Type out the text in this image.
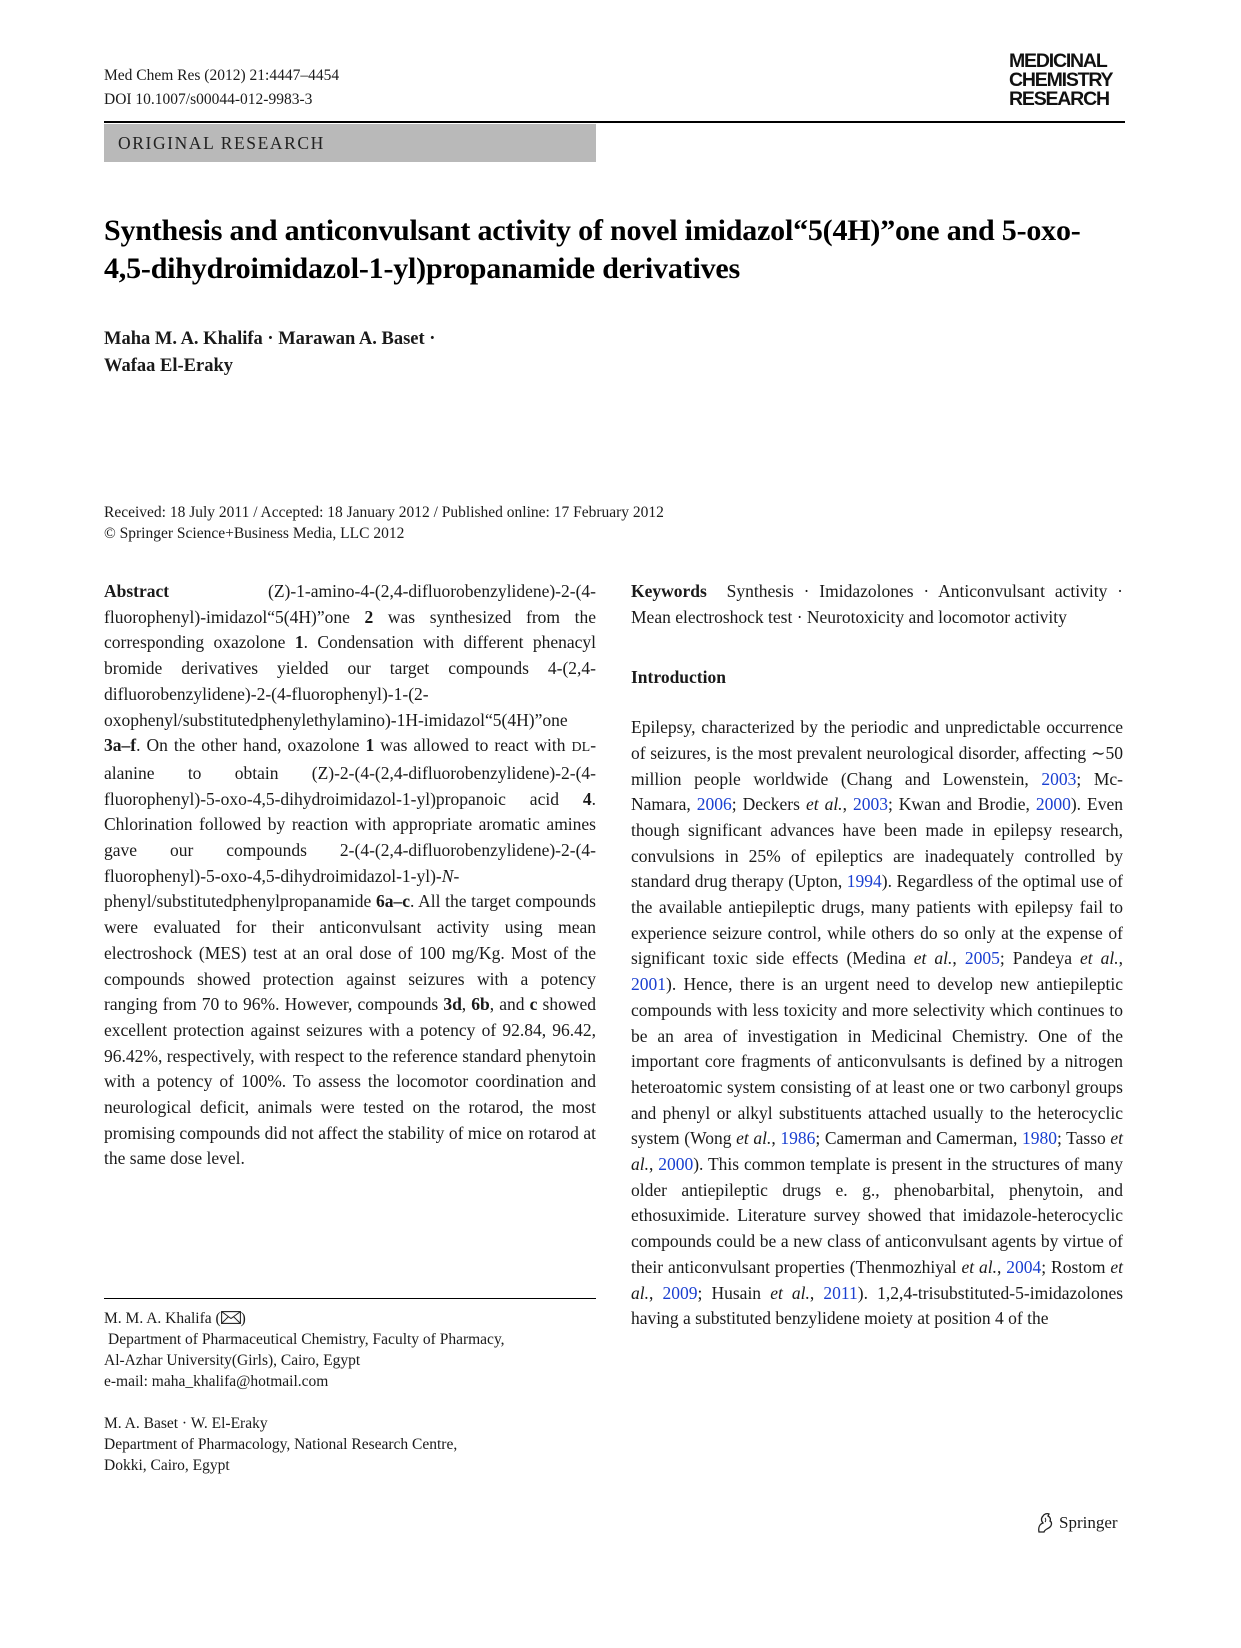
Med Chem Res (2012) 21:4447–4454
DOI 10.1007/s00044-012-9983-3
MEDICINAL
CHEMISTRY
RESEARCH
ORIGINAL RESEARCH
Synthesis and anticonvulsant activity of novel imidazol“5(4H)”one and 5-oxo-4,5-dihydroimidazol-1-yl)propanamide derivatives
Maha M. A. Khalifa · Marawan A. Baset ·
Wafaa El-Eraky
Received: 18 July 2011 / Accepted: 18 January 2012 / Published online: 17 February 2012
© Springer Science+Business Media, LLC 2012

Abstract	(Z)-1-amino-4-(2,4-difluorobenzylidene)-2-(4-fluorophenyl)-imidazol“5(4H)”one 2 was synthesized from the corresponding oxazolone 1. Condensation with different phenacyl bromide derivatives yielded our target compounds 4-(2,4-difluorobenzylidene)-2-(4-fluorophenyl)-1-(2-oxophenyl/substitutedphenylethylamino)-1H-imidazol“5(4H)”one 3a–f. On the other hand, oxazolone 1 was allowed to react with DL-alanine to obtain (Z)-2-(4-(2,4-difluorobenzylidene)-2-(4-fluorophenyl)-5-oxo-4,5-dihydroimidazol-1-yl)propanoic acid 4. Chlorination followed by reaction with appropriate aromatic amines gave our compounds 2-(4-(2,4-difluorobenzylidene)-2-(4-fluorophenyl)-5-oxo-4,5-dihydroimidazol-1-yl)-N-phenyl/substitutedphenylpropanamide 6a–c. All the target compounds were evaluated for their anticonvulsant activity using mean electroshock (MES) test at an oral dose of 100 mg/Kg. Most of the compounds showed protection against seizures with a potency ranging from 70 to 96%. However, compounds 3d, 6b, and c showed excellent protection against seizures with a potency of 92.84, 96.42, 96.42%, respectively, with respect to the reference standard phenytoin with a potency of 100%. To assess the locomotor coordination and neurological deficit, animals were tested on the rotarod, the most promising compounds did not affect the stability of mice on rotarod at the same dose level.

Keywords Synthesis · Imidazolones · Anticonvulsant activity · Mean electroshock test · Neurotoxicity and locomotor activity

Introduction

Epilepsy, characterized by the periodic and unpredictable occurrence of seizures, is the most prevalent neurological disorder, affecting ∼50 million people worldwide (Chang and Lowenstein, 2003; Mc-Namara, 2006; Deckers et al., 2003; Kwan and Brodie, 2000). Even though significant advances have been made in epilepsy research, convulsions in 25% of epileptics are inadequately controlled by standard drug therapy (Upton, 1994). Regardless of the optimal use of the available antiepileptic drugs, many patients with epilepsy fail to experience seizure control, while others do so only at the expense of significant toxic side effects (Medina et al., 2005; Pandeya et al., 2001). Hence, there is an urgent need to develop new antiepileptic compounds with less toxicity and more selectivity which continues to be an area of investigation in Medicinal Chemistry. One of the important core fragments of anticonvulsants is defined by a nitrogen heteroatomic system consisting of at least one or two carbonyl groups and phenyl or alkyl substituents attached usually to the heterocyclic system (Wong et al., 1986; Camerman and Camerman, 1980; Tasso et al., 2000). This common template is present in the structures of many older antiepileptic drugs e. g., phenobarbital, phenytoin, and ethosuximide. Literature survey showed that imidazole-heterocyclic compounds could be a new class of anticonvulsant agents by virtue of their anticonvulsant properties (Thenmozhiyal et al., 2004; Rostom et al., 2009; Husain et al., 2011). 1,2,4-trisubstituted-5-imidazolones having a substituted benzylidene moiety at position 4 of the

M. M. A. Khalifa ( )
Department of Pharmaceutical Chemistry, Faculty of Pharmacy,
Al-Azhar University(Girls), Cairo, Egypt
e-mail: maha_khalifa@hotmail.com
M. A. Baset · W. El-Eraky
Department of Pharmacology, National Research Centre,
Dokki, Cairo, Egypt
Springer
